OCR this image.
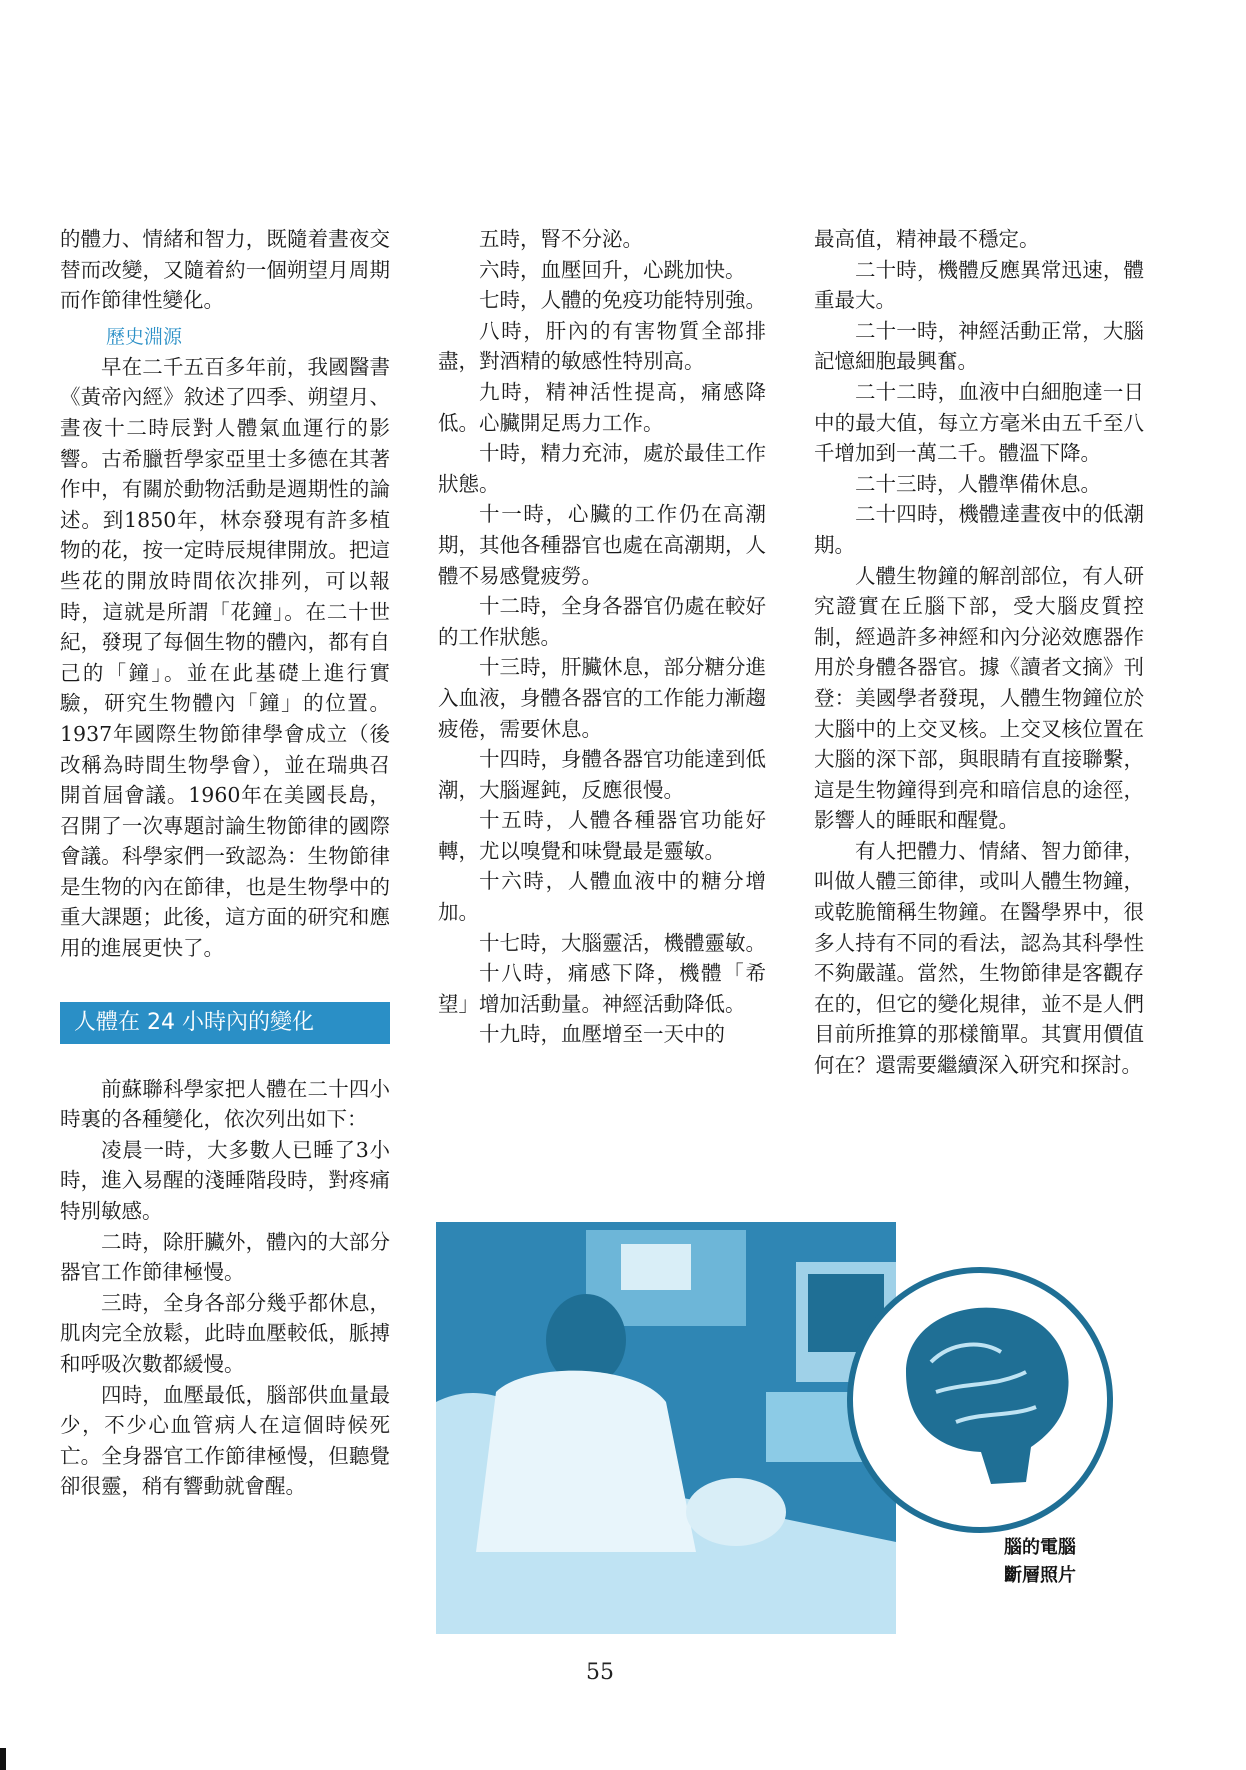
的體力、情緒和智力，既隨着晝夜交替而改變，又隨着約一個朔望月周期而作節律性變化。

歷史淵源

早在二千五百多年前，我國醫書《黃帝內經》敘述了四季、朔望月、晝夜十二時辰對人體氣血運行的影響。古希臘哲學家亞里士多德在其著作中，有關於動物活動是週期性的論述。到1850年，林奈發現有許多植物的花，按一定時辰規律開放。把這些花的開放時間依次排列，可以報時，這就是所謂「花鐘」。在二十世紀，發現了每個生物的體內，都有自己的「鐘」。並在此基礎上進行實驗，研究生物體內「鐘」的位置。1937年國際生物節律學會成立（後改稱為時間生物學會），並在瑞典召開首屆會議。1960年在美國長島，召開了一次專題討論生物節律的國際會議。科學家們一致認為：生物節律是生物的內在節律，也是生物學中的重大課題；此後，這方面的研究和應用的進展更快了。

人體在 24 小時內的變化

前蘇聯科學家把人體在二十四小時裏的各種變化，依次列出如下：

凌晨一時，大多數人已睡了3小時，進入易醒的淺睡階段時，對疼痛特別敏感。

二時，除肝臟外，體內的大部分器官工作節律極慢。

三時，全身各部分幾乎都休息，肌肉完全放鬆，此時血壓較低，脈搏和呼吸次數都緩慢。

四時，血壓最低，腦部供血量最少，不少心血管病人在這個時候死亡。全身器官工作節律極慢，但聽覺卻很靈，稍有響動就會醒。

五時，腎不分泌。

六時，血壓回升，心跳加快。

七時，人體的免疫功能特別強。

八時，肝內的有害物質全部排盡，對酒精的敏感性特別高。

九時，精神活性提高，痛感降低。心臟開足馬力工作。

十時，精力充沛，處於最佳工作狀態。

十一時，心臟的工作仍在高潮期，其他各種器官也處在高潮期，人體不易感覺疲勞。

十二時，全身各器官仍處在較好的工作狀態。

十三時，肝臟休息，部分糖分進入血液，身體各器官的工作能力漸趨疲倦，需要休息。

十四時，身體各器官功能達到低潮，大腦遲鈍，反應很慢。

十五時，人體各種器官功能好轉，尤以嗅覺和味覺最是靈敏。

十六時，人體血液中的糖分增加。

十七時，大腦靈活，機體靈敏。

十八時，痛感下降，機體「希望」增加活動量。神經活動降低。

十九時，血壓增至一天中的

最高值，精神最不穩定。

二十時，機體反應異常迅速，體重最大。

二十一時，神經活動正常，大腦記憶細胞最興奮。

二十二時，血液中白細胞達一日中的最大值，每立方毫米由五千至八千增加到一萬二千。體溫下降。

二十三時，人體準備休息。

二十四時，機體達晝夜中的低潮期。

人體生物鐘的解剖部位，有人研究證實在丘腦下部，受大腦皮質控制，經過許多神經和內分泌效應器作用於身體各器官。據《讀者文摘》刊登：美國學者發現，人體生物鐘位於大腦中的上交叉核。上交叉核位置在大腦的深下部，與眼睛有直接聯繫，這是生物鐘得到亮和暗信息的途徑，影響人的睡眠和醒覺。

有人把體力、情緒、智力節律，叫做人體三節律，或叫人體生物鐘，或乾脆簡稱生物鐘。在醫學界中，很多人持有不同的看法，認為其科學性不夠嚴謹。當然，生物節律是客觀存在的，但它的變化規律，並不是人們目前所推算的那樣簡單。其實用價值何在？還需要繼續深入研究和探討。

腦的電腦
斷層照片
55
